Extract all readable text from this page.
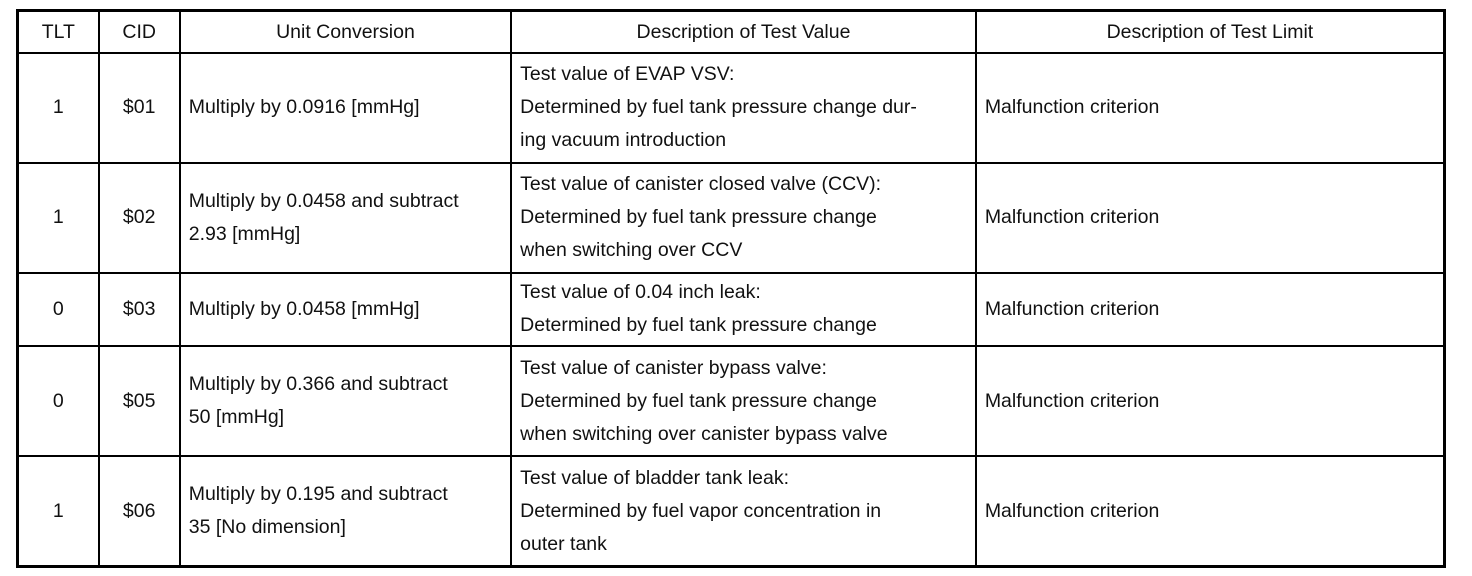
TLT	CID	Unit Conversion	Description of Test Value	Description of Test Limit
1	$01	Multiply by 0.0916 [mmHg]	Test value of EVAP VSV:
Determined by fuel tank pressure change dur-
ing vacuum introduction	Malfunction criterion
1	$02	Multiply by 0.0458 and subtract
2.93 [mmHg]	Test value of canister closed valve (CCV):
Determined by fuel tank pressure change
when switching over CCV	Malfunction criterion
0	$03	Multiply by 0.0458 [mmHg]	Test value of 0.04 inch leak:
Determined by fuel tank pressure change	Malfunction criterion
0	$05	Multiply by 0.366 and subtract
50 [mmHg]	Test value of canister bypass valve:
Determined by fuel tank pressure change
when switching over canister bypass valve	Malfunction criterion
1	$06	Multiply by 0.195 and subtract
35 [No dimension]	Test value of bladder tank leak:
Determined by fuel vapor concentration in
outer tank	Malfunction criterion
